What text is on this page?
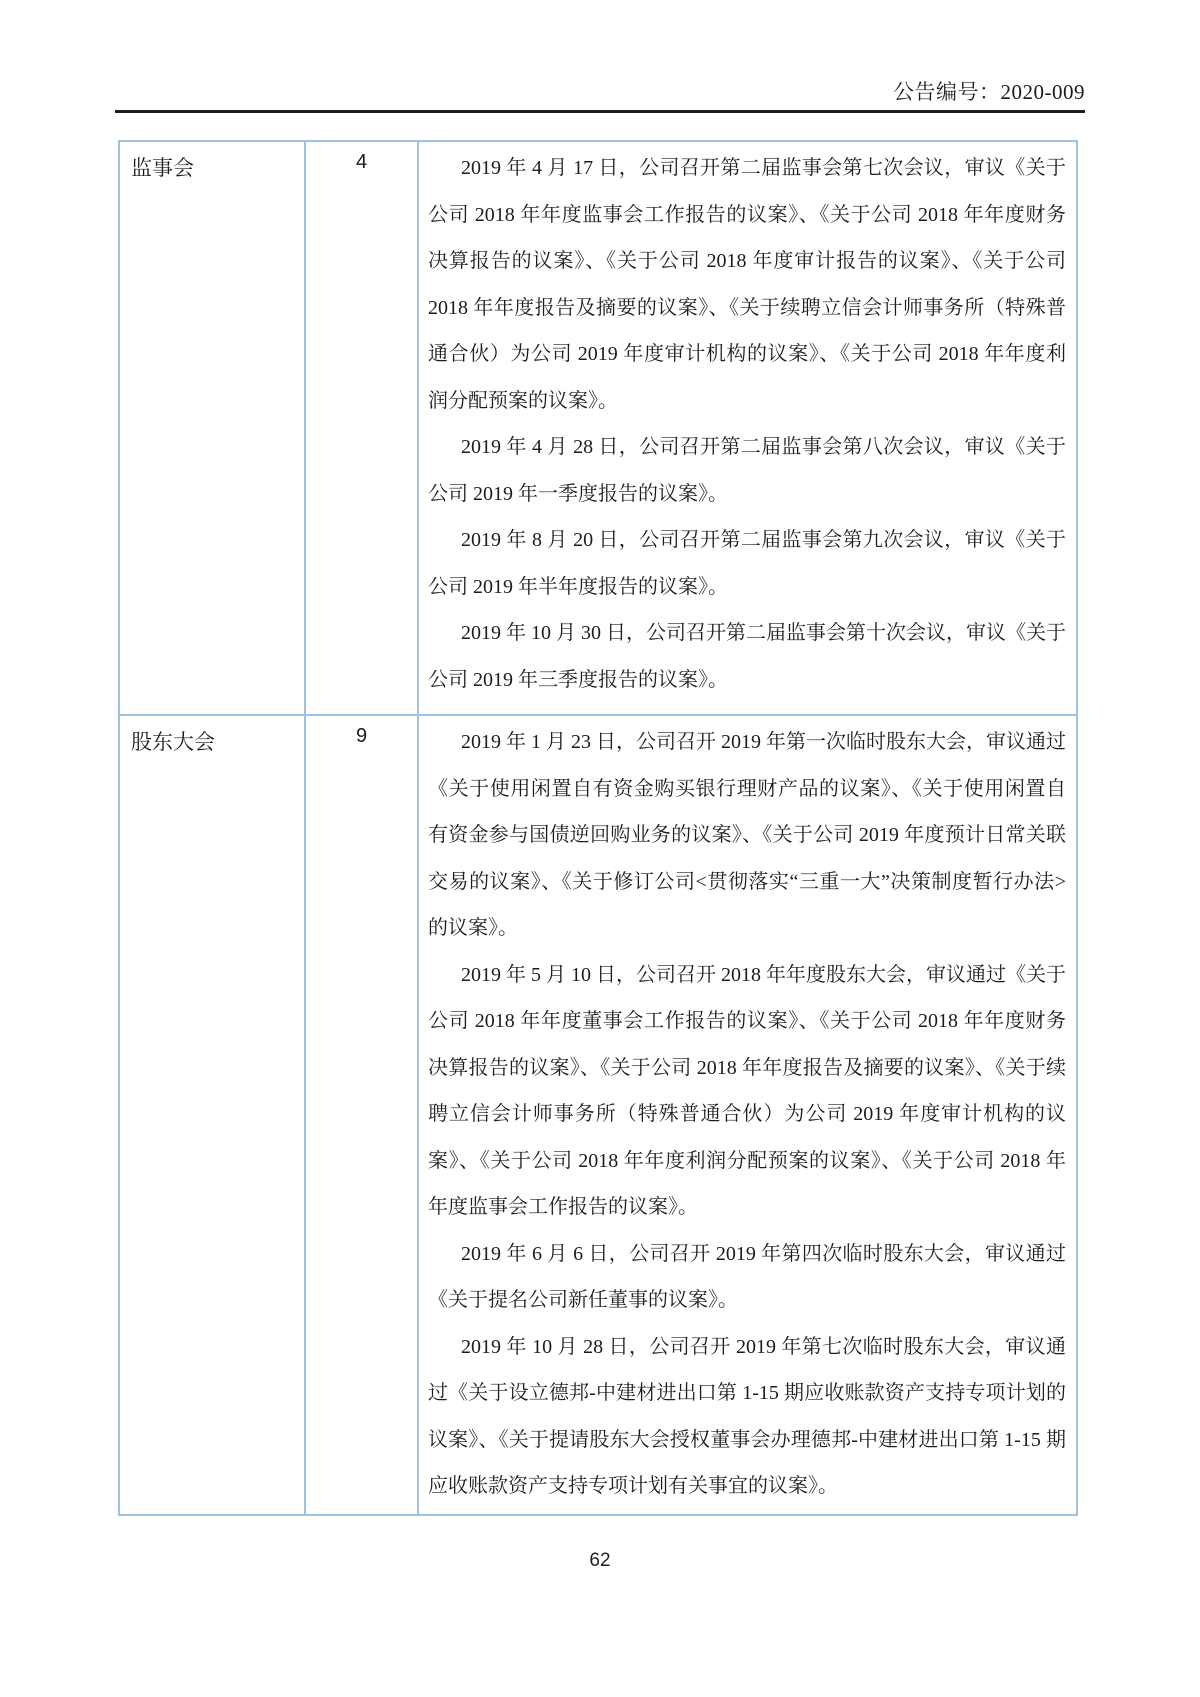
公告编号：2020-009
监事会	4	2019 年 4 月 17 日，公司召开第二届监事会第七次会议，审议《关于公司 2018 年年度监事会工作报告的议案》、《关于公司 2018 年年度财务决算报告的议案》、《关于公司 2018 年度审计报告的议案》、《关于公司 2018 年年度报告及摘要的议案》、《关于续聘立信会计师事务所（特殊普通合伙）为公司 2019 年度审计机构的议案》、《关于公司 2018 年年度利润分配预案的议案》。

2019 年 4 月 28 日，公司召开第二届监事会第八次会议，审议《关于公司 2019 年一季度报告的议案》。

2019 年 8 月 20 日，公司召开第二届监事会第九次会议，审议《关于公司 2019 年半年度报告的议案》。

2019 年 10 月 30 日，公司召开第二届监事会第十次会议，审议《关于公司 2019 年三季度报告的议案》。

股东大会	9	2019 年 1 月 23 日，公司召开 2019 年第一次临时股东大会，审议通过《关于使用闲置自有资金购买银行理财产品的议案》、《关于使用闲置自有资金参与国债逆回购业务的议案》、《关于公司 2019 年度预计日常关联交易的议案》、《关于修订公司<贯彻落实“三重一大”决策制度暂行办法>的议案》。

2019 年 5 月 10 日，公司召开 2018 年年度股东大会，审议通过《关于公司 2018 年年度董事会工作报告的议案》、《关于公司 2018 年年度财务决算报告的议案》、《关于公司 2018 年年度报告及摘要的议案》、《关于续聘立信会计师事务所（特殊普通合伙）为公司 2019 年度审计机构的议案》、《关于公司 2018 年年度利润分配预案的议案》、《关于公司 2018 年年度监事会工作报告的议案》。

2019 年 6 月 6 日，公司召开 2019 年第四次临时股东大会，审议通过《关于提名公司新任董事的议案》。

2019 年 10 月 28 日，公司召开 2019 年第七次临时股东大会，审议通过《关于设立德邦-中建材进出口第 1-15 期应收账款资产支持专项计划的议案》、《关于提请股东大会授权董事会办理德邦-中建材进出口第 1-15 期应收账款资产支持专项计划有关事宜的议案》。

62
